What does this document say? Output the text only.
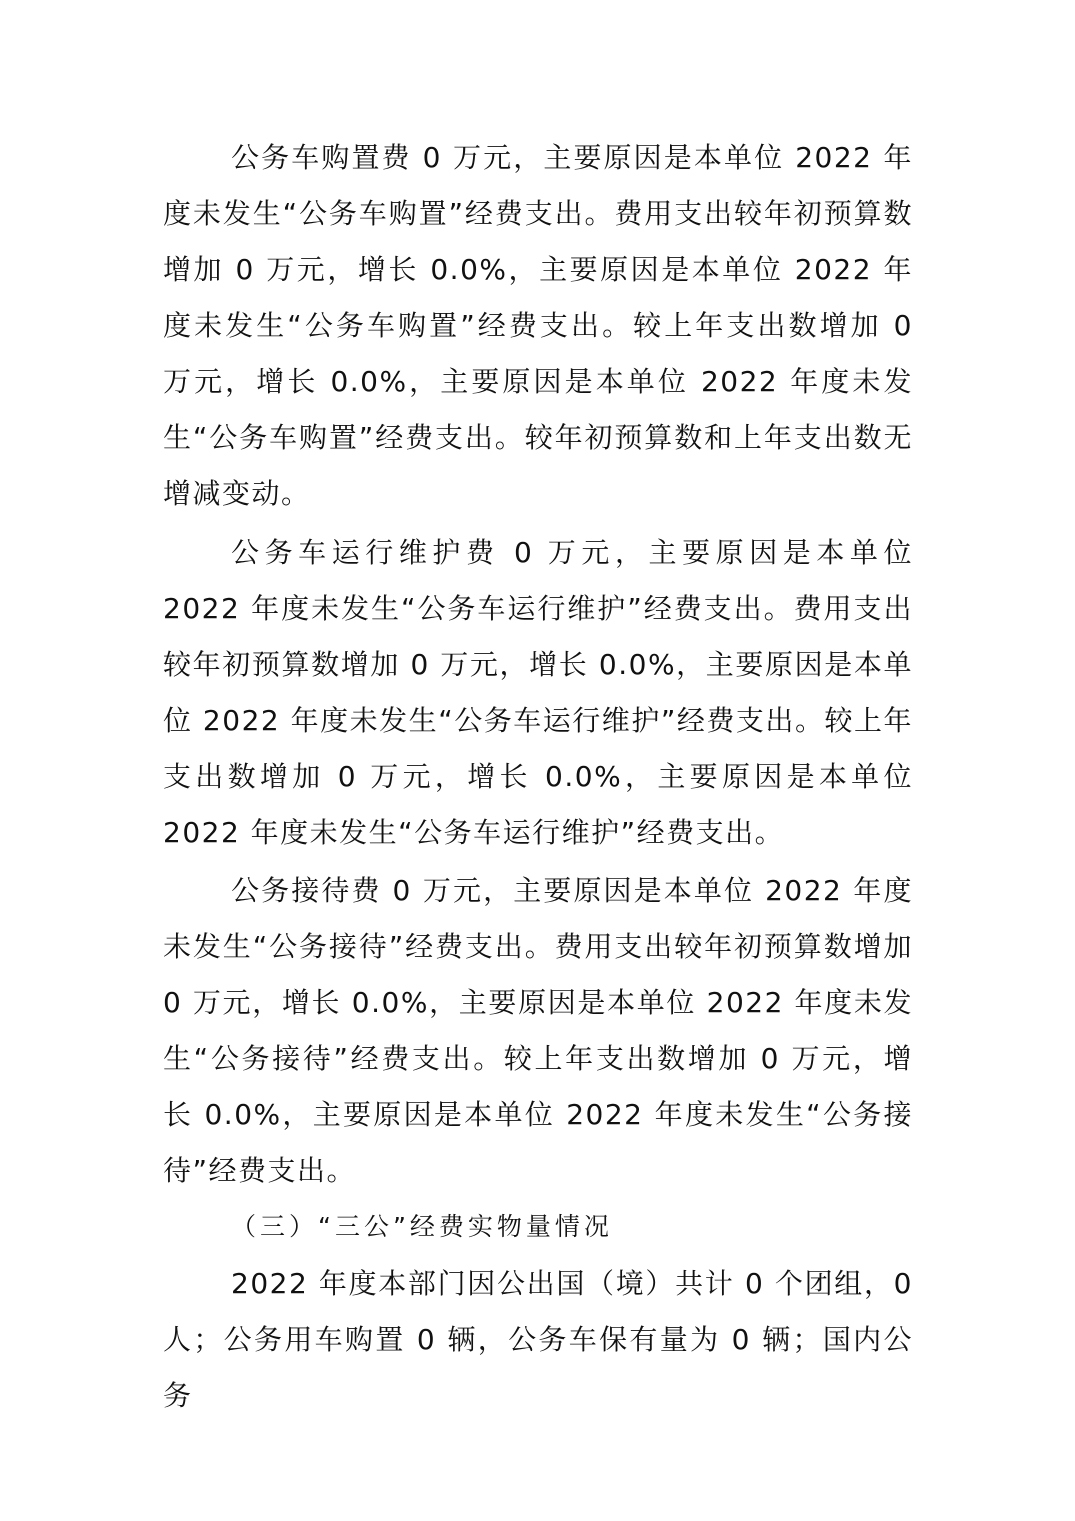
公务车购置费 0 万元，主要原因是本单位 2022 年度未发生“公务车购置”经费支出。费用支出较年初预算数增加 0 万元，增长 0.0%，主要原因是本单位 2022 年度未发生“公务车购置”经费支出。较上年支出数增加 0 万元，增长 0.0%，主要原因是本单位 2022 年度未发生“公务车购置”经费支出。较年初预算数和上年支出数无增减变动。

公务车运行维护费 0 万元，主要原因是本单位 2022 年度未发生“公务车运行维护”经费支出。费用支出较年初预算数增加 0 万元，增长 0.0%，主要原因是本单位 2022 年度未发生“公务车运行维护”经费支出。较上年支出数增加 0 万元，增长 0.0%，主要原因是本单位 2022 年度未发生“公务车运行维护”经费支出。

公务接待费 0 万元，主要原因是本单位 2022 年度未发生“公务接待”经费支出。费用支出较年初预算数增加 0 万元，增长 0.0%，主要原因是本单位 2022 年度未发生“公务接待”经费支出。较上年支出数增加 0 万元，增长 0.0%，主要原因是本单位 2022 年度未发生“公务接待”经费支出。

（三）“三公”经费实物量情况

2022 年度本部门因公出国（境）共计 0 个团组，0 人；公务用车购置 0 辆，公务车保有量为 0 辆；国内公务
